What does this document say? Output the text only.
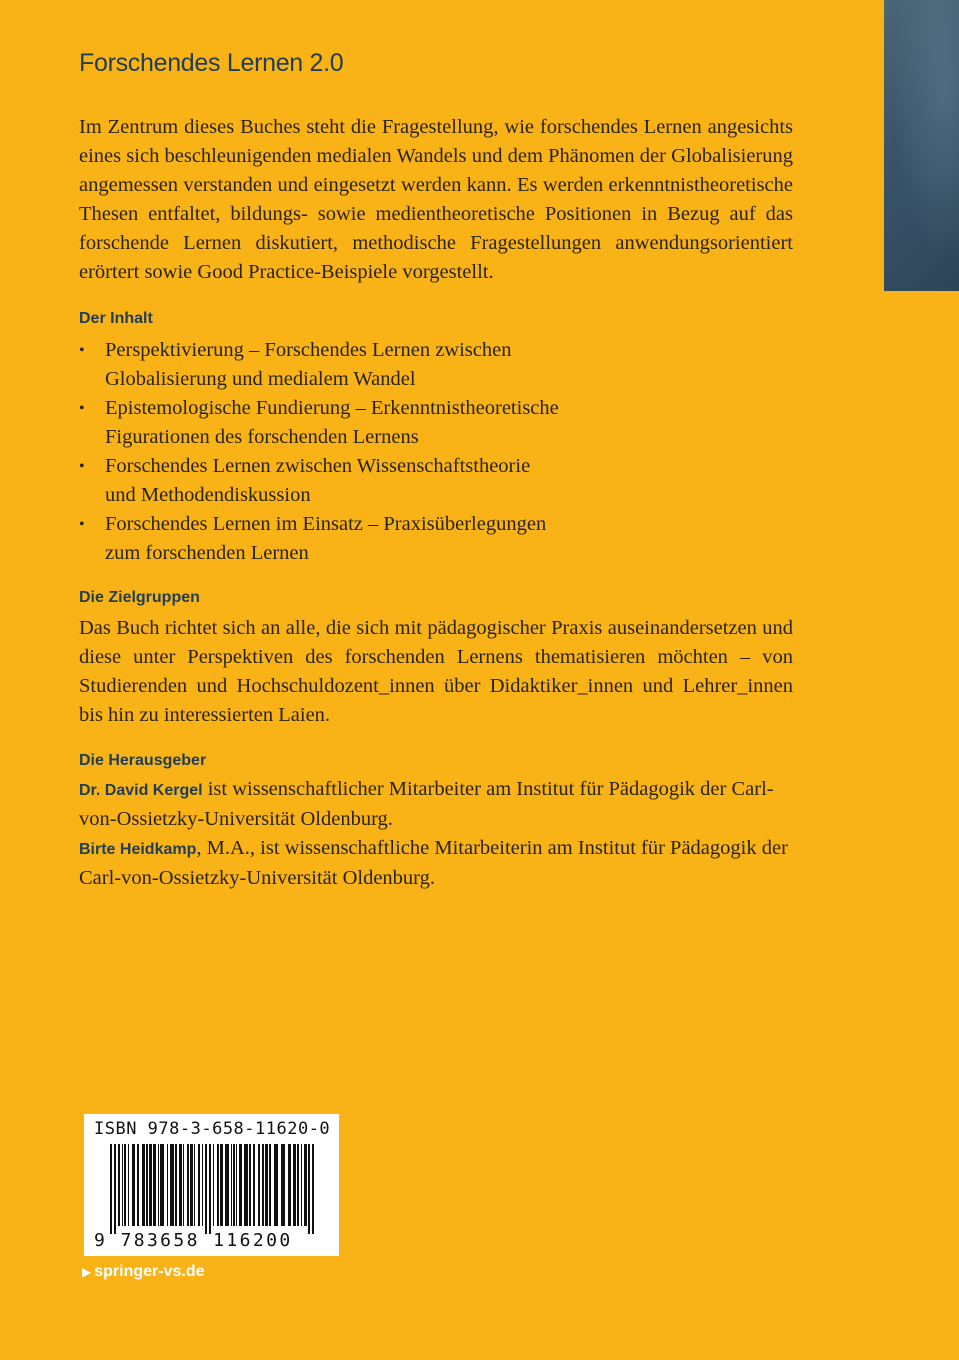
Forschendes Lernen 2.0

Im Zentrum dieses Buches steht die Fragestellung, wie forschendes Lernen angesichts eines sich beschleunigenden medialen Wandels und dem Phänomen der Globalisierung angemessen verstanden und eingesetzt werden kann. Es werden erkenntnistheoretische Thesen entfaltet, bildungs- sowie medientheoretische Positionen in Bezug auf das forschende Lernen diskutiert, methodische Fragestellungen anwendungsorientiert erörtert sowie Good Practice-Beispiele vorgestellt.

Der Inhalt
• Perspektivierung – Forschendes Lernen zwischen
Globalisierung und medialem Wandel
• Epistemologische Fundierung – Erkenntnistheoretische
Figurationen des forschenden Lernens
• Forschendes Lernen zwischen Wissenschaftstheorie
und Methodendiskussion
• Forschendes Lernen im Einsatz – Praxisüberlegungen
zum forschenden Lernen
Die Zielgruppen

Das Buch richtet sich an alle, die sich mit pädagogischer Praxis auseinandersetzen und diese unter Perspektiven des forschenden Lernens thematisieren möchten – von Studierenden und Hochschuldozent_innen über Didaktiker_innen und Lehrer_innen bis hin zu interessierten Laien.

Die Herausgeber

Dr. David Kergel ist wissenschaftlicher Mitarbeiter am Institut für Pädagogik der Carl-von-Ossietzky-Universität Oldenburg.

Birte Heidkamp, M.A., ist wissenschaftliche Mitarbeiterin am Institut für Pädagogik der Carl-von-Ossietzky-Universität Oldenburg.

ISBN 978-3-658-11620-0
9 783658 116200
▶ springer-vs.de
